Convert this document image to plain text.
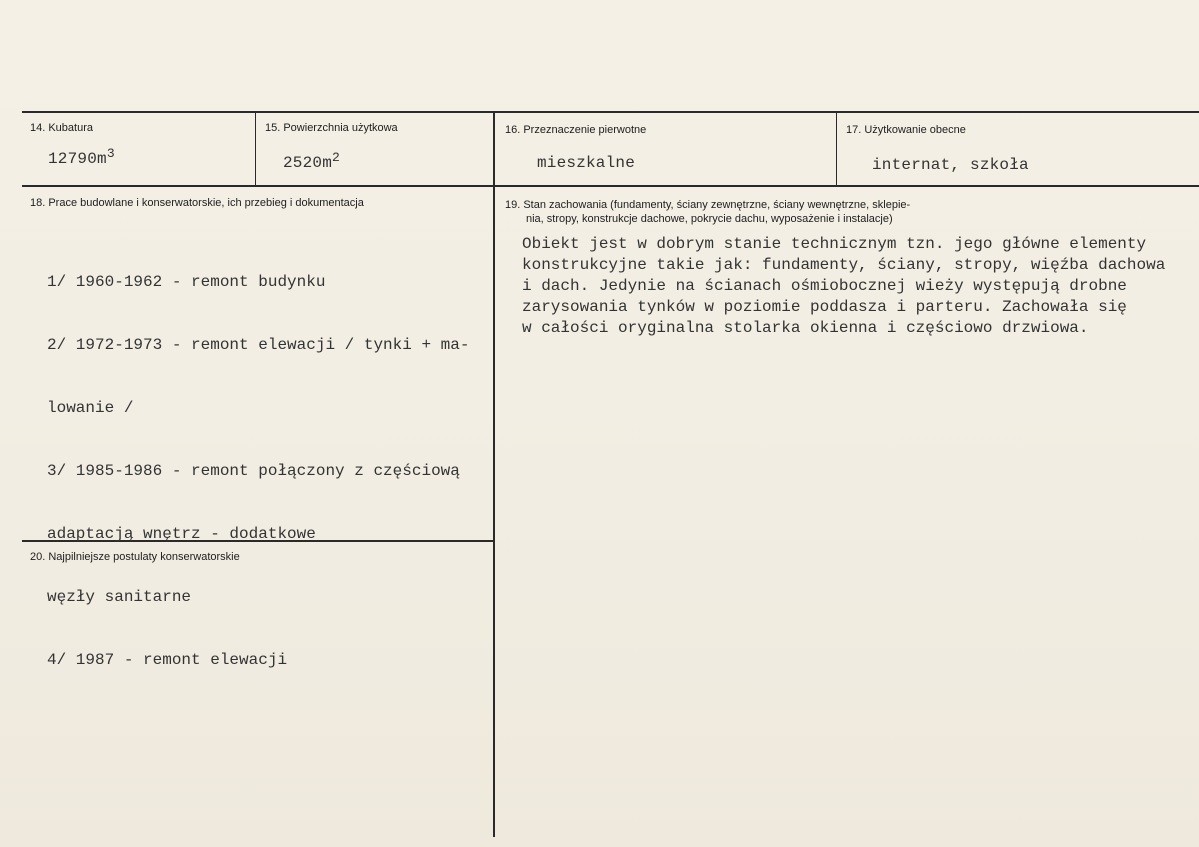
14. Kubatura
$12790m^3$
15. Powierzchnia użytkowa
$2520m^2$
16. Przeznaczenie pierwotne
mieszkalne
17. Użytkowanie obecne
internat, szkoła
18. Prace budowlane i konserwatorskie, ich przebieg i dokumentacja

1/ 1960-1962 - remont budynku

2/ 1972-1973 - remont elewacji / tynki + ma-

lowanie /

3/ 1985-1986 - remont połączony z częściową

adaptacją wnętrz - dodatkowe

węzły sanitarne

4/ 1987 - remont elewacji

19. Stan zachowania (fundamenty, ściany zewnętrzne, ściany wewnętrzne, sklepie-
nia, stropy, konstrukcje dachowe, pokrycie dachu, wyposażenie i instalacje)
Obiekt jest w dobrym stanie technicznym tzn. jego główne elementy
konstrukcyjne takie jak: fundamenty, ściany, stropy, więźba dachowa
i dach. Jedynie na ścianach ośmiobocznej wieży występują drobne
zarysowania tynków w poziomie poddasza i parteru. Zachowała się
w całości oryginalna stolarka okienna i częściowo drzwiowa.
20. Najpilniejsze postulaty konserwatorskie
